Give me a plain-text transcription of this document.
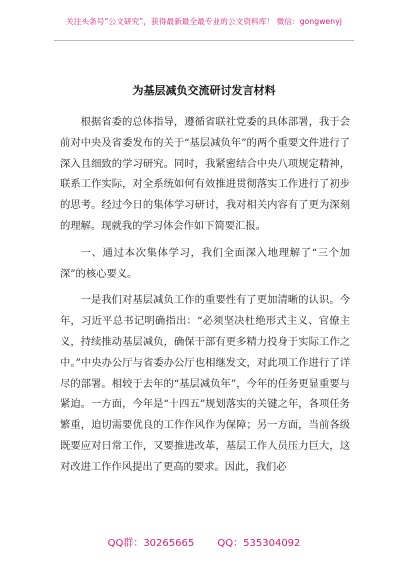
关注头条号“公文研究”，获得最新最全最专业的公文资料库！ 微信：gongwenyj
为基层减负交流研讨发言材料

根据省委的总体指导，遵循省联社党委的具体部署，我于会前对中央及省委发布的关于“基层减负年”的两个重要文件进行了深入且细致的学习研究。同时，我紧密结合中央八项规定精神，联系工作实际，对全系统如何有效推进贯彻落实工作进行了初步的思考。经过今日的集体学习研讨，我对相关内容有了更为深刻的理解。现就我的学习体会作如下简要汇报。

一、通过本次集体学习，我们全面深入地理解了“三个加深”的核心要义。

一是我们对基层减负工作的重要性有了更加清晰的认识。今年，习近平总书记明确指出：“必须坚决杜绝形式主义、官僚主义，持续推动基层减负，确保干部有更多精力投身于实际工作之中。”中央办公厅与省委办公厅也相继发文，对此项工作进行了详尽的部署。相较于去年的“基层减负年”，今年的任务更显重要与紧迫。一方面，今年是“十四五”规划落实的关键之年，各项任务繁重，迫切需要优良的工作作风作为保障；另一方面，当前各级既要应对日常工作，又要推进改革，基层工作人员压力巨大，这对改进工作作风提出了更高的要求。因此，我们必

QQ群：30265665 QQ：535304092
